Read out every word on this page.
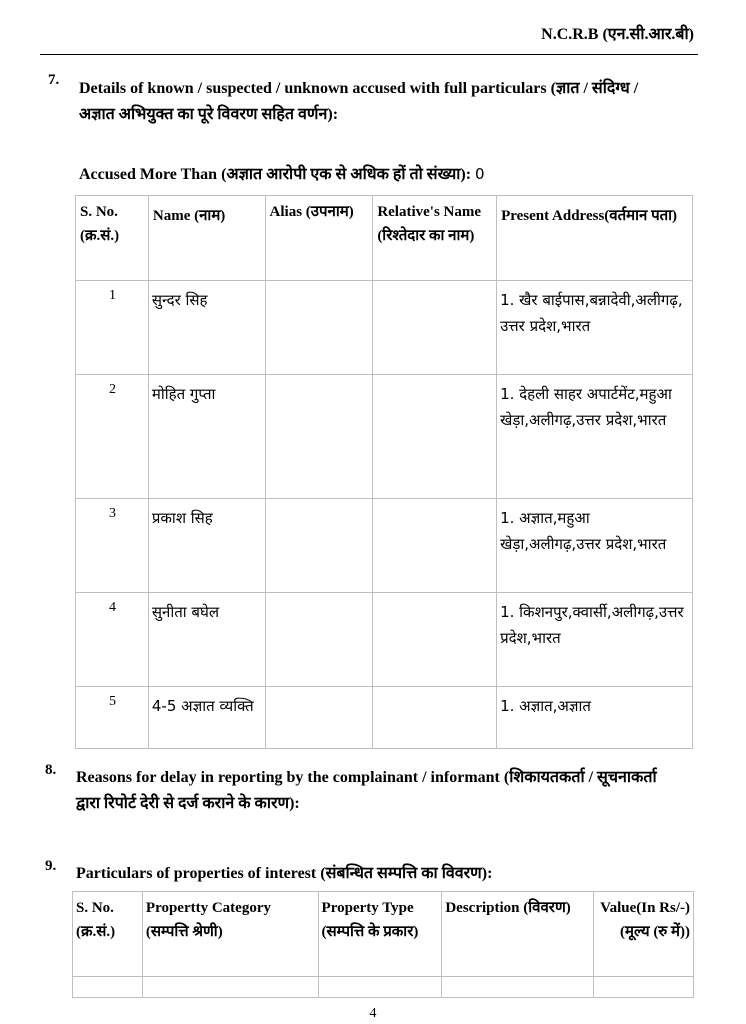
N.C.R.B (एन.सी.आर.बी)
7. Details of known / suspected / unknown accused with full particulars (ज्ञात / संदिग्ध / अज्ञात अभियुक्त का पूरे विवरण सहित वर्णन):
Accused More Than (अज्ञात आरोपी एक से अधिक हों तो संख्या): 0
S. No. (क्र.सं.)	Name (नाम)	Alias (उपनाम)	Relative's Name (रिश्तेदार का नाम)	Present Address(वर्तमान पता)
1	सुन्दर सिह			1. खैर बाईपास,बन्नादेवी,अलीगढ़, उत्तर प्रदेश,भारत
2	मोहित गुप्ता			1. देहली साहर अपार्टमेंट,महुआ खेड़ा,अलीगढ़,उत्तर प्रदेश,भारत
3	प्रकाश सिह			1. अज्ञात,महुआ खेड़ा,अलीगढ़,उत्तर प्रदेश,भारत
4	सुनीता बघेल			1. किशनपुर,क्वार्सी,अलीगढ़,उत्तर प्रदेश,भारत
5	4-5 अज्ञात व्यक्ति			1. अज्ञात,अज्ञात
8. Reasons for delay in reporting by the complainant / informant (शिकायतकर्ता / सूचनाकर्ता द्वारा रिपोर्ट देरी से दर्ज कराने के कारण):
9. Particulars of properties of interest (संबन्धित सम्पत्ति का विवरण):
S. No. (क्र.सं.)	Propertty Category (सम्पत्ति श्रेणी)	Property Type (सम्पत्ति के प्रकार)	Description (विवरण)	Value(In Rs/-) (मूल्य (रु में))

4
